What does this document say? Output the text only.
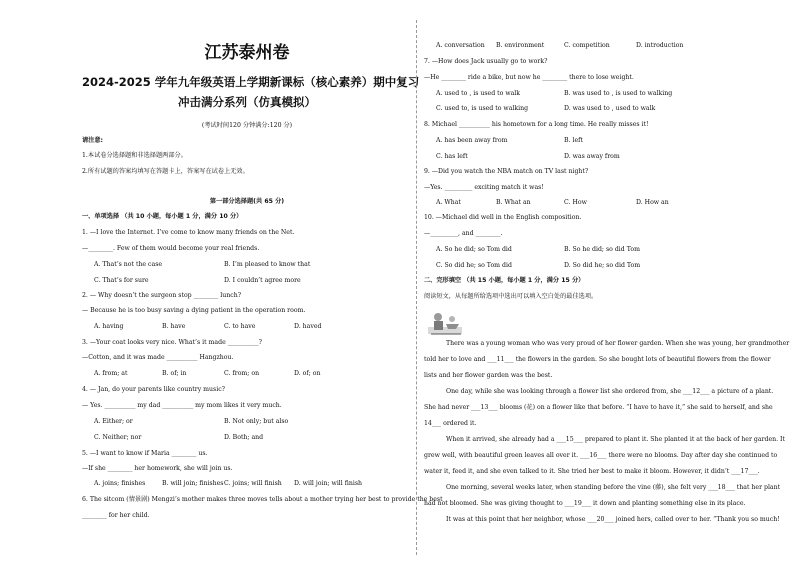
江苏泰州卷
2024-2025 学年九年级英语上学期新课标（核心素养）期中复习
冲击满分系列（仿真模拟）
(考试时间120 分钟满分:120 分)
请注意:
1.本试卷分选择题和非选择题两部分。
2.所有试题的答案均填写在答题卡上，答案写在试卷上无效。
第一部分选择题(共 65 分)
一、单项选择 （共 10 小题，每小题 1 分，满分 10 分）
1. —I love the Internet. I’ve come to know many friends on the Net.
—________. Few of them would become your real friends.
A. That’s not the case	B. I’m pleased to know that
C. That’s for sure	D. I couldn’t agree more
2. — Why doesn’t the surgeon stop ________ lunch?
— Because he is too busy saving a dying patient in the operation room.
A. having	B. have	C. to have	D. haved
3. —Your coat looks very nice. What’s it made __________?
—Cotton, and it was made __________ Hangzhou.
A. from; at	B. of; in	C. from; on	D. of; on
4. — Jan, do your parents like country music?
— Yes. __________ my dad __________ my mom likes it very much.
A. Either; or	B. Not only; but also
C. Neither; nor	D. Both; and
5. —I want to know if Maria ________ us.
—If she ________ her homework, she will join us.
A. joins; finishes	B. will join; finishes C. joins; will finish D. will join; will finish
6. The sitcom (情景剧) Mengzi’s mother makes three moves tells about a mother trying her best to provide the best
________ for her child.
A. conversation B. environment	C. competition	D. introduction
7. —How does Jack usually go to work?
—He ________ ride a bike, but now he ________ there to lose weight.
A. used to , is used to walk	B. was used to , is used to walking
C. used to, is used to walking	D. was used to , used to walk
8. Michael __________ his hometown for a long time. He really misses it!
A. has been away from	B. left
C. has left	D. was away from
9. —Did you watch the NBA match on TV last night?
—Yes. _________ exciting match it was!
A. What	B. What an	C. How	D. How an
10. —Michael did well in the English composition.
—_________, and ________.
A. So he did; so Tom did	B. So he did; so did Tom
C. So did he; so Tom did	D. So did he; so did Tom
二、完形填空 （共 15 小题，每小题 1 分，满分 15 分）
阅读短文，从每题所给选项中选出可以填入空白处的最佳选项。
There was a young woman who was very proud of her flower garden. When she was young, her grandmother
told her to love and ___11___ the flowers in the garden. So she bought lots of beautiful flowers from the flower
lists and her flower garden was the best.
One day, while she was looking through a flower list she ordered from, she ___12___ a picture of a plant.
She had never ___13___ blooms (花) on a flower like that before. “I have to have it,” she said to herself, and she
14___ ordered it.
When it arrived, she already had a ___15___ prepared to plant it. She planted it at the back of her garden. It
grew well, with beautiful green leaves all over it. ___16___ there were no blooms. Day after day she continued to
water it, feed it, and she even talked to it. She tried her best to make it bloom. However, it didn’t ___17___.
One morning, several weeks later, when standing before the vine (藤), she felt very ___18___ that her plant
had not bloomed. She was giving thought to ___19___ it down and planting something else in its place.
It was at this point that her neighbor, whose ___20___ joined hers, called over to her. “Thank you so much!
